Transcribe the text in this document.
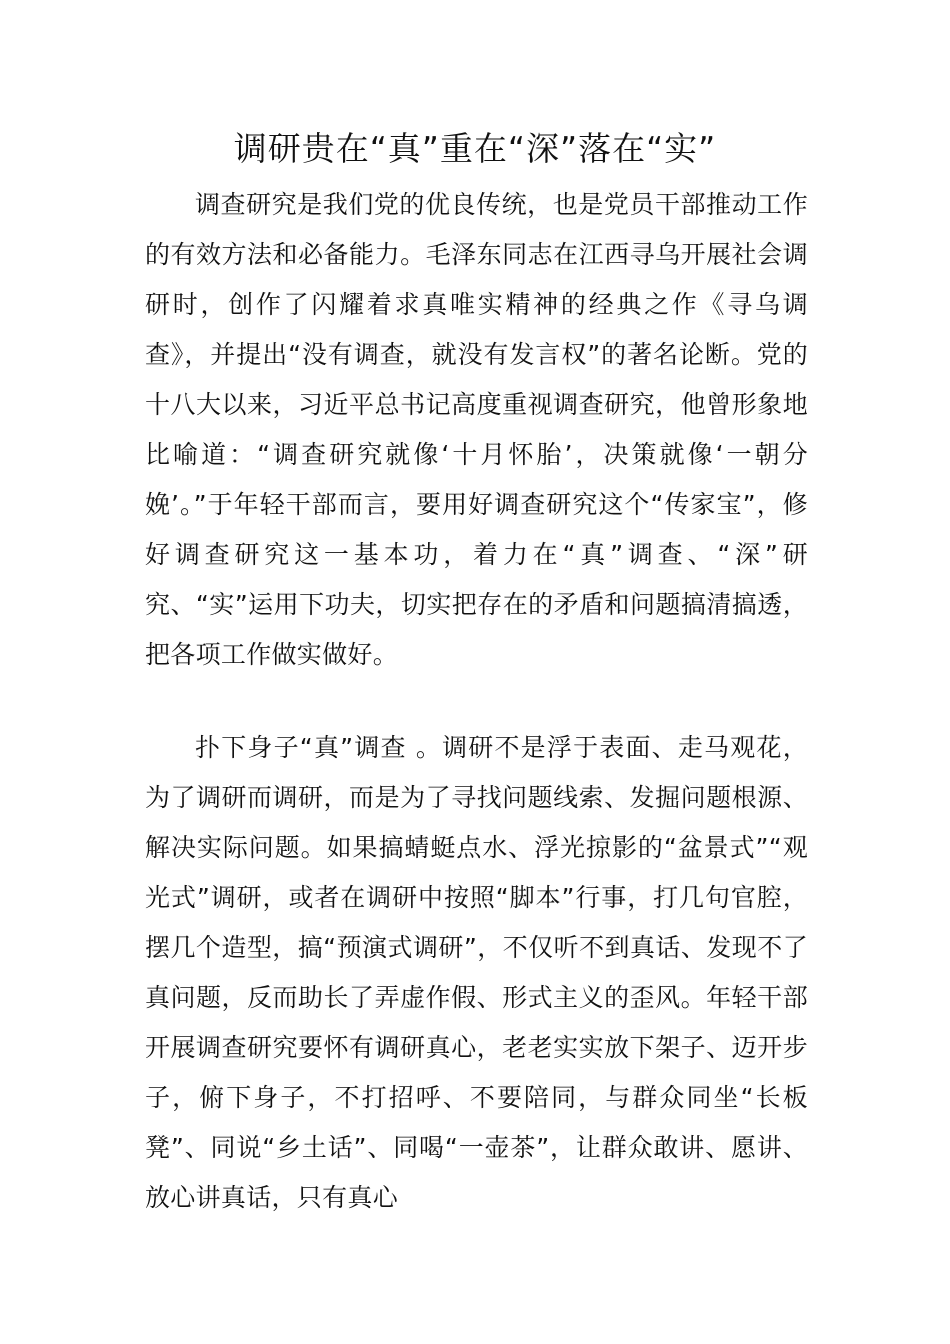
调研贵在“真”重在“深”落在“实”

调查研究是我们党的优良传统，也是党员干部推动工作的有效方法和必备能力。毛泽东同志在江西寻乌开展社会调研时，创作了闪耀着求真唯实精神的经典之作《寻乌调查》，并提出“没有调查，就没有发言权”的著名论断。党的十八大以来，习近平总书记高度重视调查研究，他曾形象地比喻道：“调查研究就像‘十月怀胎’，决策就像‘一朝分娩’。”于年轻干部而言，要用好调查研究这个“传家宝”，修好调查研究这一基本功，着力在“真”调查、“深”研究、“实”运用下功夫，切实把存在的矛盾和问题搞清搞透，把各项工作做实做好。

扑下身子“真”调查 。调研不是浮于表面、走马观花，为了调研而调研，而是为了寻找问题线索、发掘问题根源、解决实际问题。如果搞蜻蜓点水、浮光掠影的“盆景式”“观光式”调研，或者在调研中按照“脚本”行事，打几句官腔，摆几个造型，搞“预演式调研”，不仅听不到真话、发现不了真问题，反而助长了弄虚作假、形式主义的歪风。年轻干部开展调查研究要怀有调研真心，老老实实放下架子、迈开步子，俯下身子，不打招呼、不要陪同，与群众同坐“长板凳”、同说“乡土话”、同喝“一壶茶”，让群众敢讲、愿讲、放心讲真话，只有真心
